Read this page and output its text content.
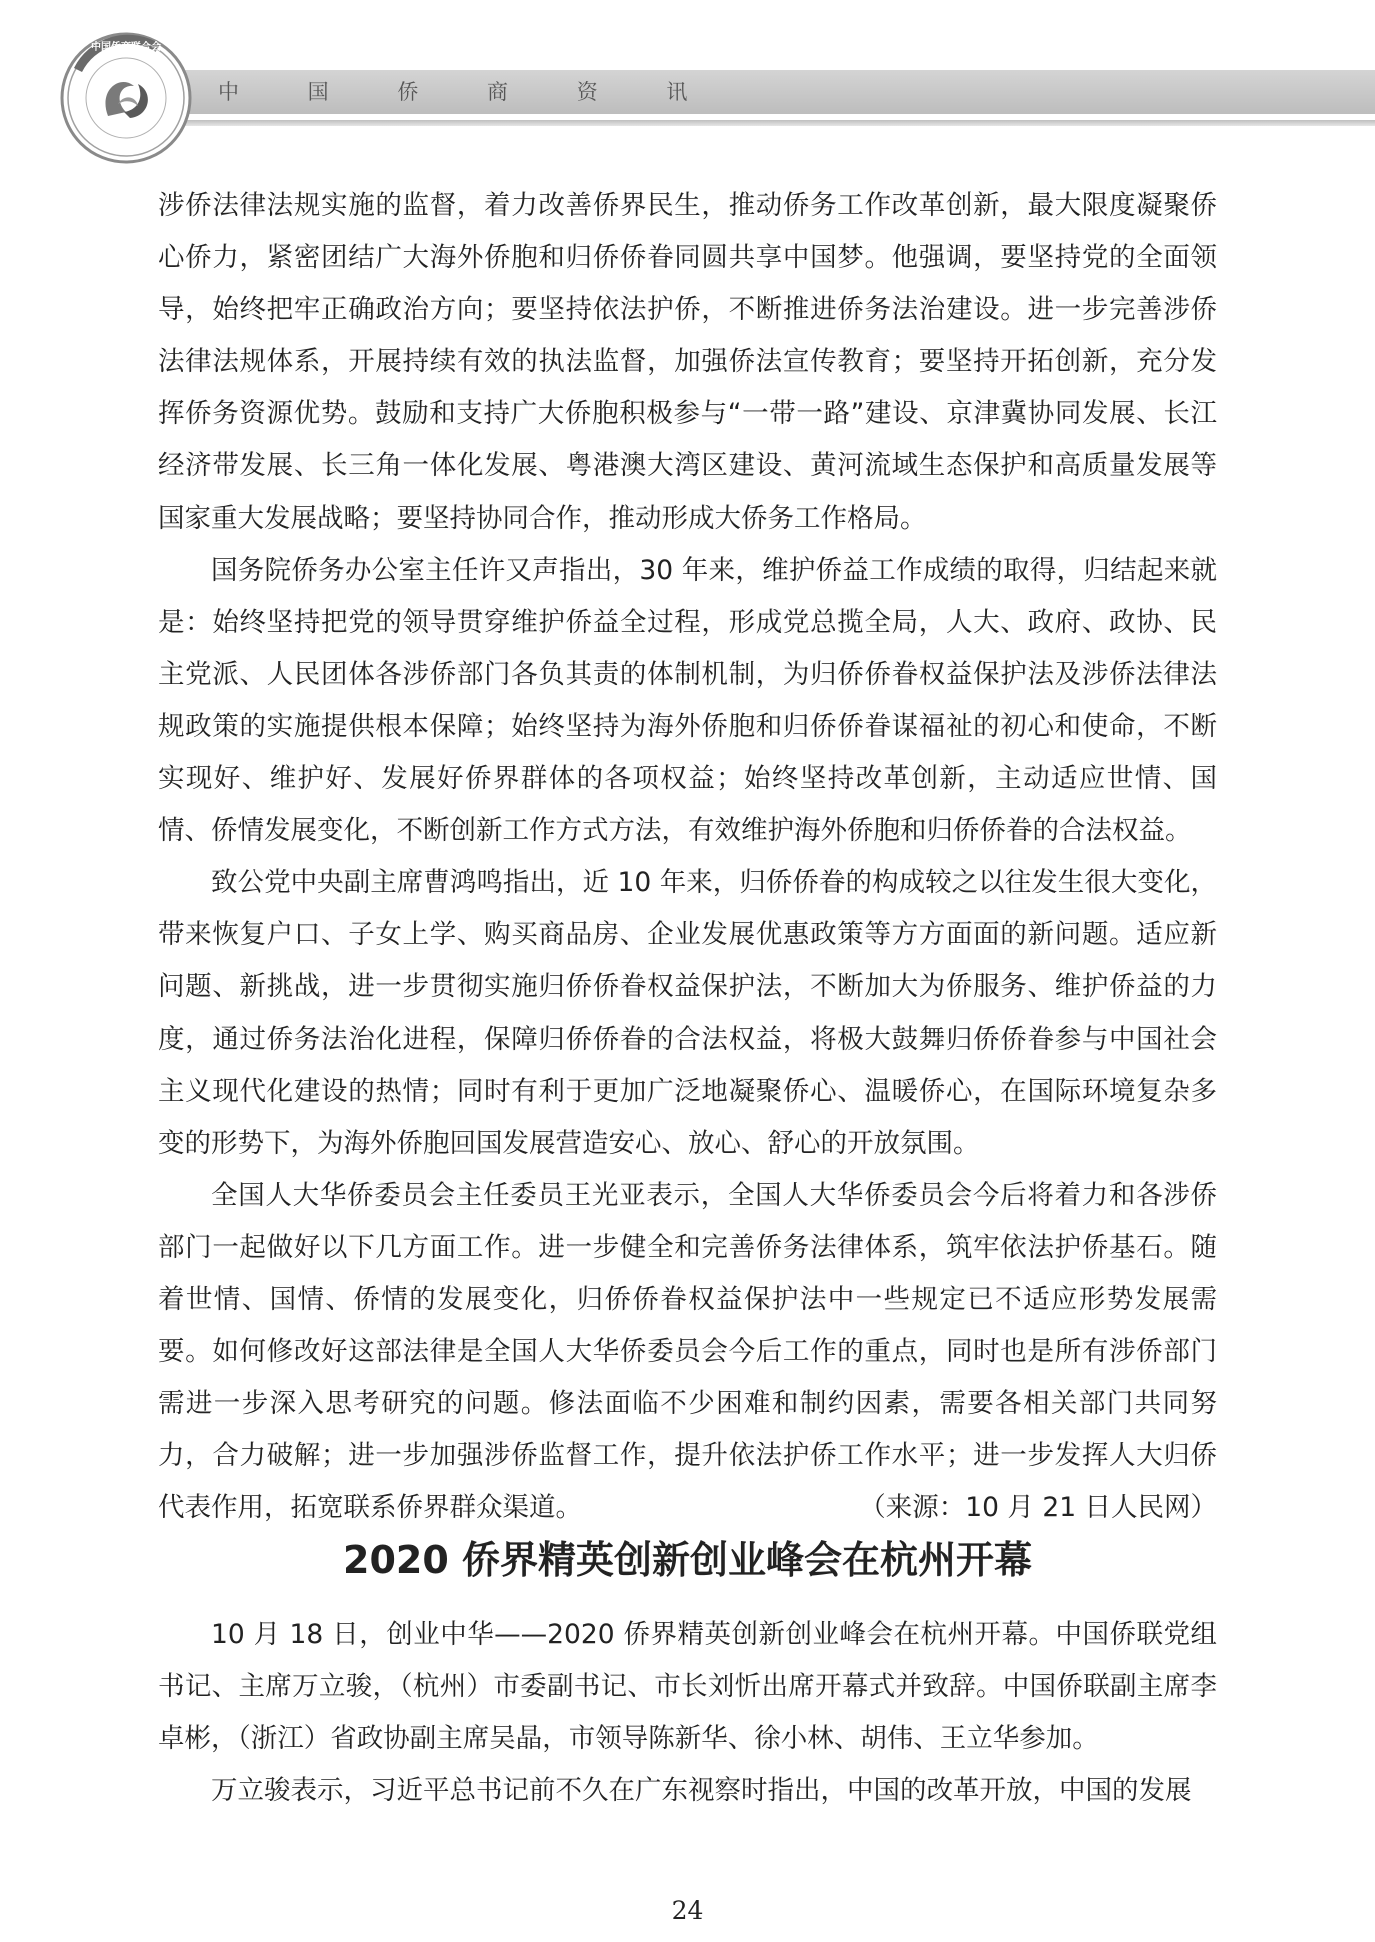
中 国 侨 商 资 讯
中国侨商联合会

涉侨法律法规实施的监督，着力改善侨界民生，推动侨务工作改革创新，最大限度凝聚侨心侨力，紧密团结广大海外侨胞和归侨侨眷同圆共享中国梦。他强调，要坚持党的全面领导，始终把牢正确政治方向；要坚持依法护侨，不断推进侨务法治建设。进一步完善涉侨法律法规体系，开展持续有效的执法监督，加强侨法宣传教育；要坚持开拓创新，充分发挥侨务资源优势。鼓励和支持广大侨胞积极参与“一带一路”建设、京津冀协同发展、长江经济带发展、长三角一体化发展、粤港澳大湾区建设、黄河流域生态保护和高质量发展等国家重大发展战略；要坚持协同合作，推动形成大侨务工作格局。

国务院侨务办公室主任许又声指出，30 年来，维护侨益工作成绩的取得，归结起来就是：始终坚持把党的领导贯穿维护侨益全过程，形成党总揽全局，人大、政府、政协、民主党派、人民团体各涉侨部门各负其责的体制机制，为归侨侨眷权益保护法及涉侨法律法规政策的实施提供根本保障；始终坚持为海外侨胞和归侨侨眷谋福祉的初心和使命，不断实现好、维护好、发展好侨界群体的各项权益；始终坚持改革创新，主动适应世情、国情、侨情发展变化，不断创新工作方式方法，有效维护海外侨胞和归侨侨眷的合法权益。

致公党中央副主席曹鸿鸣指出，近 10 年来，归侨侨眷的构成较之以往发生很大变化，带来恢复户口、子女上学、购买商品房、企业发展优惠政策等方方面面的新问题。适应新问题、新挑战，进一步贯彻实施归侨侨眷权益保护法，不断加大为侨服务、维护侨益的力度，通过侨务法治化进程，保障归侨侨眷的合法权益，将极大鼓舞归侨侨眷参与中国社会主义现代化建设的热情；同时有利于更加广泛地凝聚侨心、温暖侨心，在国际环境复杂多变的形势下，为海外侨胞回国发展营造安心、放心、舒心的开放氛围。

全国人大华侨委员会主任委员王光亚表示，全国人大华侨委员会今后将着力和各涉侨部门一起做好以下几方面工作。进一步健全和完善侨务法律体系，筑牢依法护侨基石。随着世情、国情、侨情的发展变化，归侨侨眷权益保护法中一些规定已不适应形势发展需要。如何修改好这部法律是全国人大华侨委员会今后工作的重点，同时也是所有涉侨部门需进一步深入思考研究的问题。修法面临不少困难和制约因素，需要各相关部门共同努力，合力破解；进一步加强涉侨监督工作，提升依法护侨工作水平；进一步发挥人大归侨代表作用，拓宽联系侨界群众渠道。	（来源：10 月 21 日人民网）

2020 侨界精英创新创业峰会在杭州开幕

10 月 18 日，创业中华——2020 侨界精英创新创业峰会在杭州开幕。中国侨联党组书记、主席万立骏，（杭州）市委副书记、市长刘忻出席开幕式并致辞。中国侨联副主席李卓彬，（浙江）省政协副主席吴晶，市领导陈新华、徐小林、胡伟、王立华参加。

万立骏表示，习近平总书记前不久在广东视察时指出，中国的改革开放，中国的发展

24
